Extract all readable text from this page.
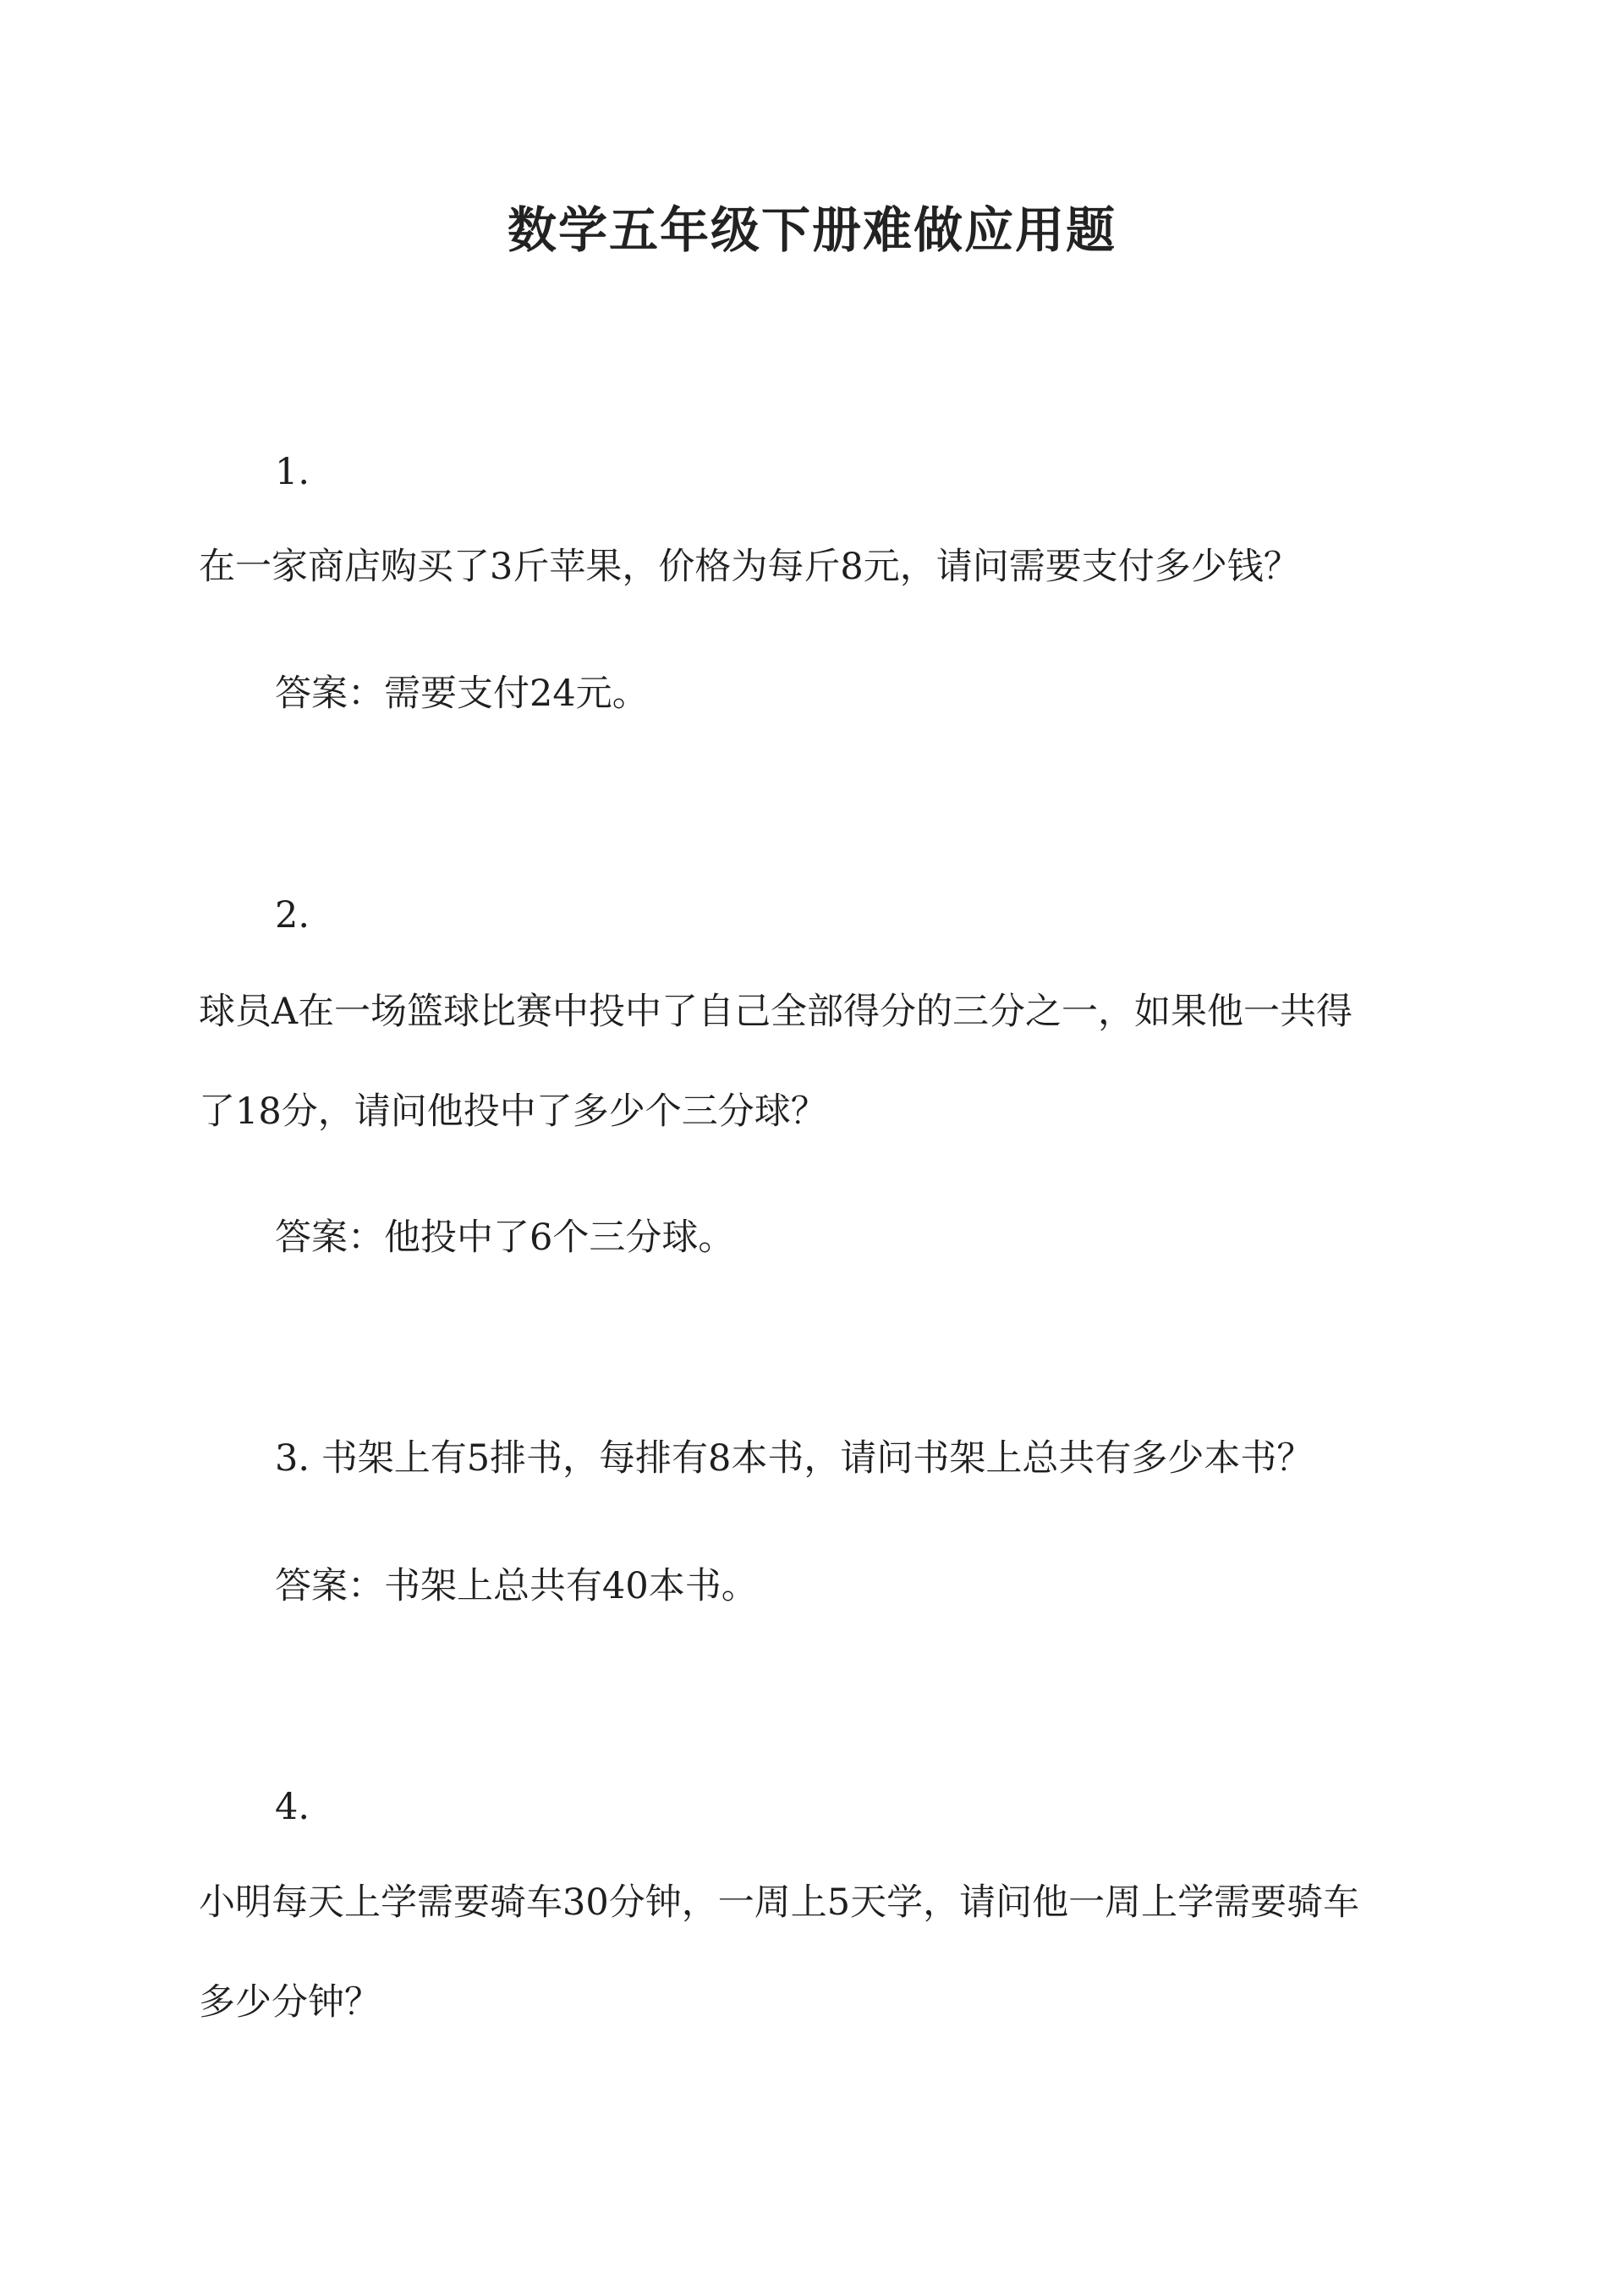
数学五年级下册难做应用题
1.
在一家商店购买了3斤苹果，价格为每斤8元，请问需要支付多少钱？
答案：需要支付24元。
2.
球员A在一场篮球比赛中投中了自己全部得分的三分之一，如果他一共得
了18分，请问他投中了多少个三分球？
答案：他投中了6个三分球。
3. 书架上有5排书，每排有8本书，请问书架上总共有多少本书？
答案：书架上总共有40本书。
4.
小明每天上学需要骑车30分钟，一周上5天学，请问他一周上学需要骑车
多少分钟？
